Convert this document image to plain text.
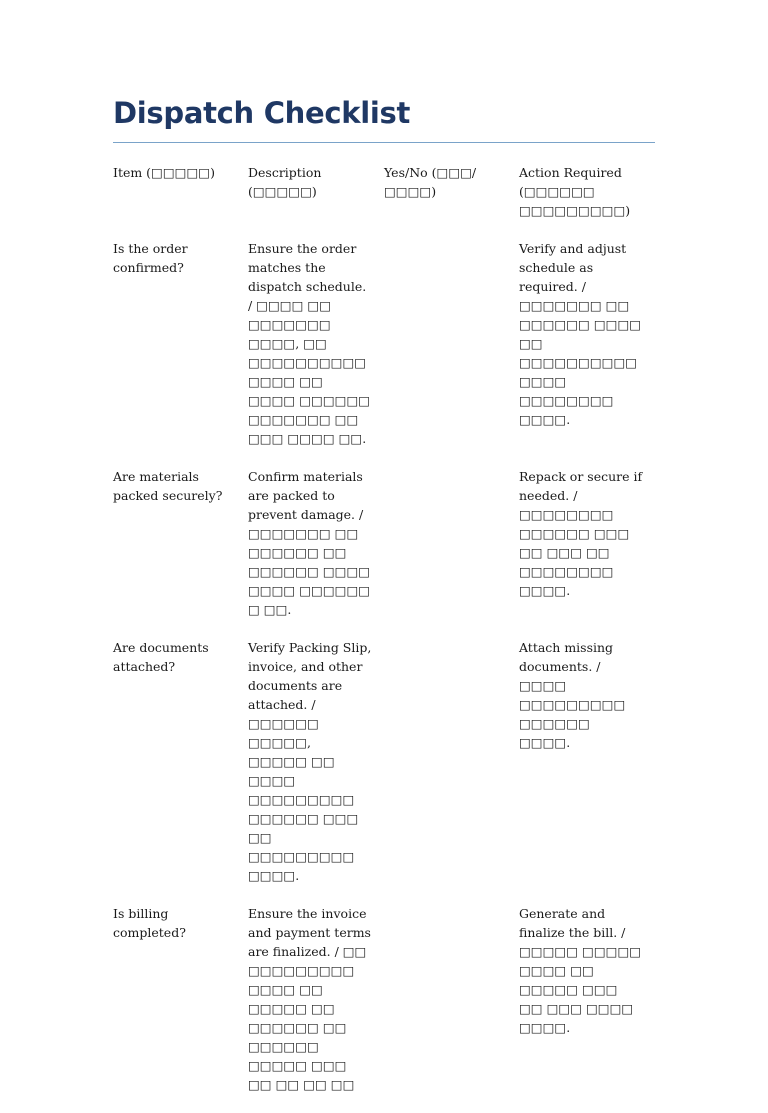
Dispatch Checklist
Item (□□□□□)	Description (□□□□□)
Yes/No (□□□/□□□□)
Action Required (□□□□□□ □□□□□□□□□)
Is the order confirmed?
Ensure the order matches the dispatch schedule. / □□□□ □□ □□□□□□□ □□□□, □□ □□□□□□□□□□ □□□□ □□ □□□□ □□□□□□ □□□□□□□ □□ □□□ □□□□ □□.
Verify and adjust schedule as required. / □□□□□□□ □□ □□□□□□ □□□□ □□ □□□□□□□□□□□□□□ □□□□□□□□ □□□□.
Are materials packed securely?
Confirm materials are packed to prevent damage. / □□□□□□□ □□ □□□□□□ □□ □□□□□□ □□□□ □□□□ □□□□□□ □ □□.
Repack or secure if needed. / □□□□□□□□ □□□□□□ □□□ □□ □□□ □□ □□□□□□□□ □□□□.
Are documents attached?
Verify Packing Slip, invoice, and other documents are attached. / □□□□□□ □□□□□, □□□□□ □□ □□□□ □□□□□□□□□ □□□□□□ □□□ □□ □□□□□□□□□ □□□□.
Attach missing documents. / □□□□ □□□□□□□□□ □□□□□□ □□□□.
Is billing completed?
Ensure the invoice and payment terms are finalized. / □□ □□□□□□□□□ □□□□ □□ □□□□□ □□ □□□□□□ □□ □□□□□□ □□□□□ □□□ □□ □□ □□ □□
Generate and finalize the bill. / □□□□□ □□□□□ □□□□ □□ □□□□□ □□□ □□ □□□ □□□□ □□□□.
